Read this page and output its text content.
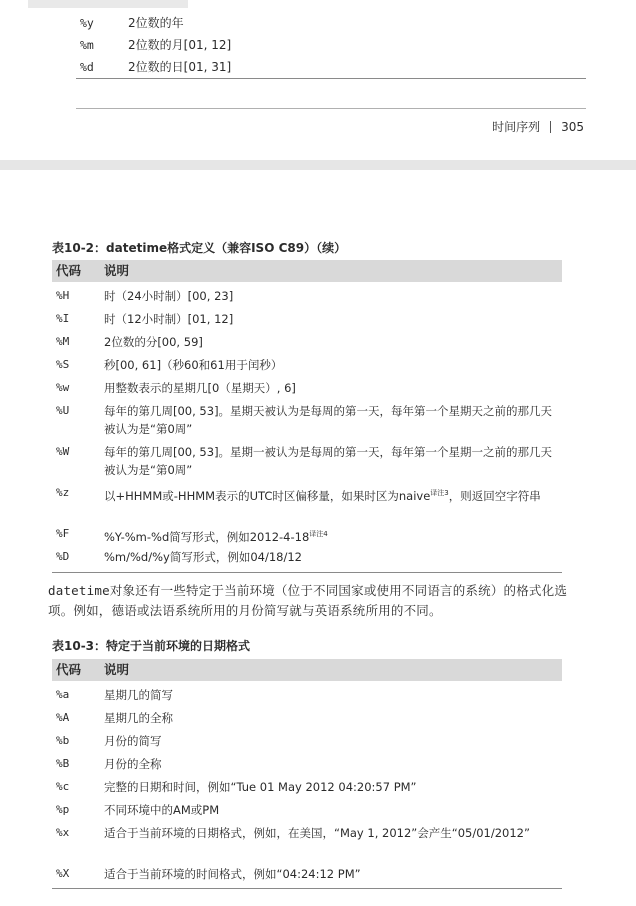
%y	2位数的年
%m	2位数的月[01, 12]
%d	2位数的日[01, 31]
时间序列 305
表10-2：datetime格式定义（兼容ISO C89）（续）
代码 说明
%H	时（24小时制）[00, 23]
%I	时（12小时制）[01, 12]
%M	2位数的分[00, 59]
%S	秒[00, 61]（秒60和61用于闰秒）
%w	用整数表示的星期几[0（星期天）, 6]
%U	每年的第几周[00, 53]。星期天被认为是每周的第一天，每年第一个星期天之前的那几天被认为是“第0周”
%W	每年的第几周[00, 53]。星期一被认为是每周的第一天，每年第一个星期一之前的那几天被认为是“第0周”
%z	以+HHMM或-HHMM表示的UTC时区偏移量，如果时区为naive$^{译注3}$，则返回空字符串
%F	%Y-%m-%d简写形式，例如$2012-4-18^{译注4}$
%D	%m/%d/%y简写形式，例如04/18/12
datetime对象还有一些特定于当前环境（位于不同国家或使用不同语言的系统）的格式化选项。例如，德语或法语系统所用的月份简写就与英语系统所用的不同。
表10-3：特定于当前环境的日期格式
代码 说明
%a	星期几的简写
%A	星期几的全称
%b	月份的简写
%B	月份的全称
%c	完整的日期和时间，例如“Tue 01 May 2012 04:20:57 PM”
%p	不同环境中的AM或PM
%x	适合于当前环境的日期格式，例如，在美国，“May 1, 2012”会产生“05/01/2012”
%X	适合于当前环境的时间格式，例如“04:24:12 PM”
